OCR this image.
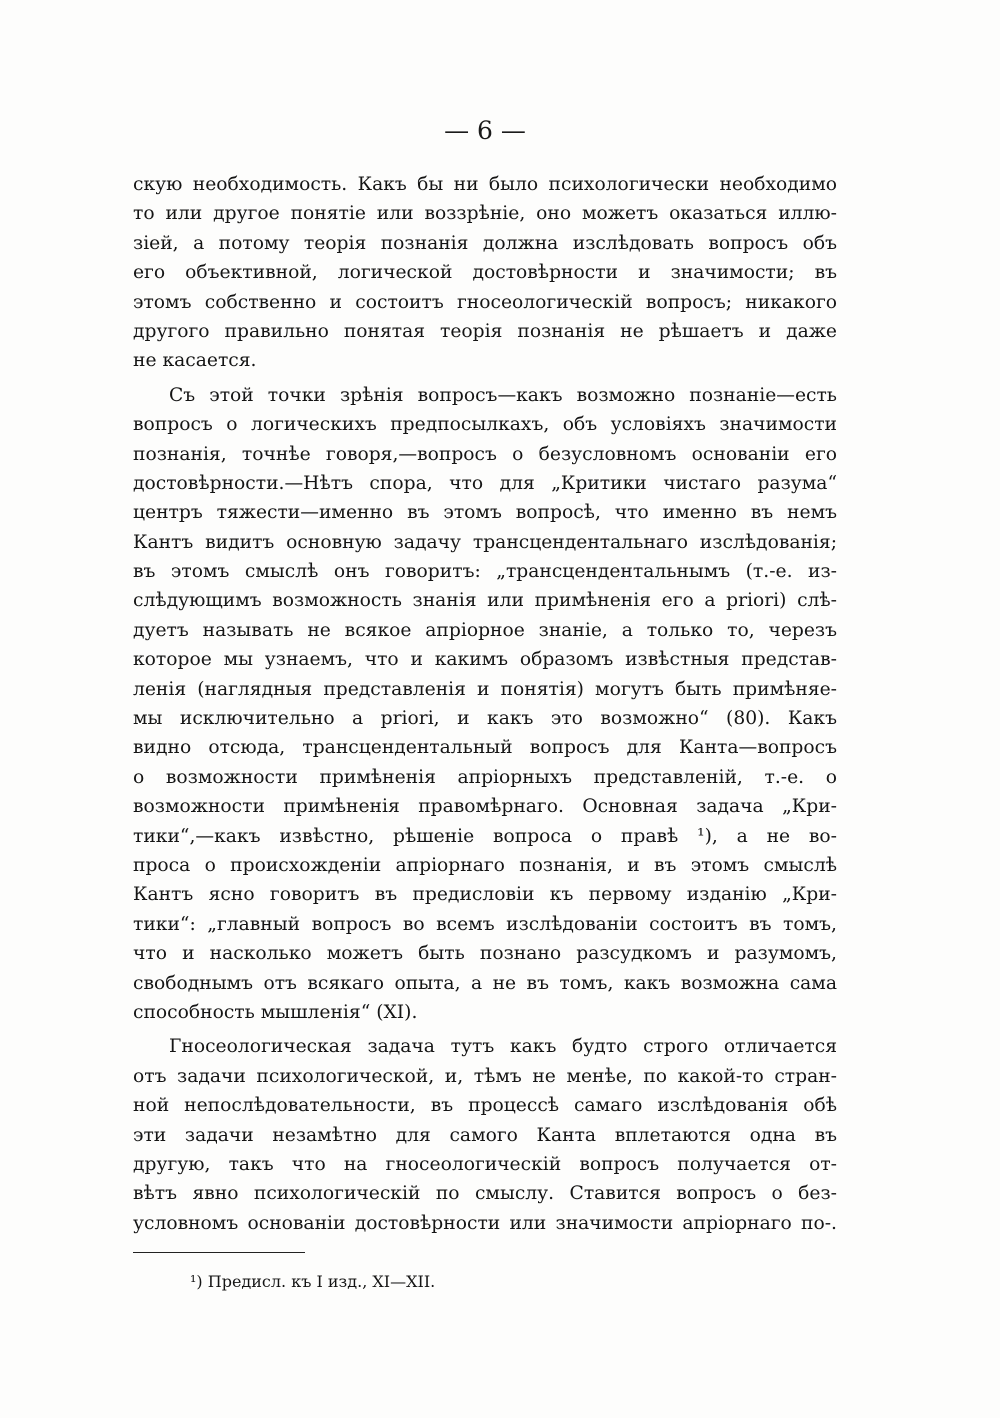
— 6 —
скую необходимость. Какъ бы ни было психологически необходимо
то или другое понятіе или воззрѣніе, оно можетъ оказаться иллю-
зіей, а потому теорія познанія должна изслѣдовать вопросъ объ
его объективной, логической достовѣрности и значимости; въ
этомъ собственно и состоитъ гносеологическій вопросъ; никакого
другого правильно понятая теорія познанія не рѣшаетъ и даже
не касается.
Съ этой точки зрѣнія вопросъ—какъ возможно познаніе—есть
вопросъ о логическихъ предпосылкахъ, объ условіяхъ значимости
познанія, точнѣе говоря,—вопросъ о безусловномъ основаніи его
достовѣрности.—Нѣтъ спора, что для „Критики чистаго разума“
центръ тяжести—именно въ этомъ вопросѣ, что именно въ немъ
Кантъ видитъ основную задачу трансцендентальнаго изслѣдованія;
въ этомъ смыслѣ онъ говоритъ: „трансцендентальнымъ (т.-е. из-
слѣдующимъ возможность знанія или примѣненія его a priori) слѣ-
дуетъ называть не всякое апріорное знаніе, а только то, черезъ
которое мы узнаемъ, что и какимъ образомъ извѣстныя представ-
ленія (наглядныя представленія и понятія) могутъ быть примѣняе-
мы исключительно a priori, и какъ это возможно“ (80). Какъ
видно отсюда, трансцендентальный вопросъ для Канта—вопросъ
о возможности примѣненія апріорныхъ представленій, т.-е. о
возможности примѣненія правомѣрнаго. Основная задача „Кри-
тики“,—какъ извѣстно, рѣшеніе вопроса о правѣ ¹), а не во-
проса о происхожденіи апріорнаго познанія, и въ этомъ смыслѣ
Кантъ ясно говоритъ въ предисловіи къ первому изданію „Кри-
тики“: „главный вопросъ во всемъ изслѣдованіи состоитъ въ томъ,
что и насколько можетъ быть познано разсудкомъ и разумомъ,
свободнымъ отъ всякаго опыта, а не въ томъ, какъ возможна сама
способность мышленія“ (XI).
Гносеологическая задача тутъ какъ будто строго отличается
отъ задачи психологической, и, тѣмъ не менѣе, по какой-то стран-
ной непослѣдовательности, въ процессѣ самаго изслѣдованія обѣ
эти задачи незамѣтно для самого Канта вплетаются одна въ
другую, такъ что на гносеологическій вопросъ получается от-
вѣтъ явно психологическій по смыслу. Ставится вопросъ о без-
условномъ основаніи достовѣрности или значимости апріорнаго по-.
¹) Предисл. къ I изд., XI—XII.
